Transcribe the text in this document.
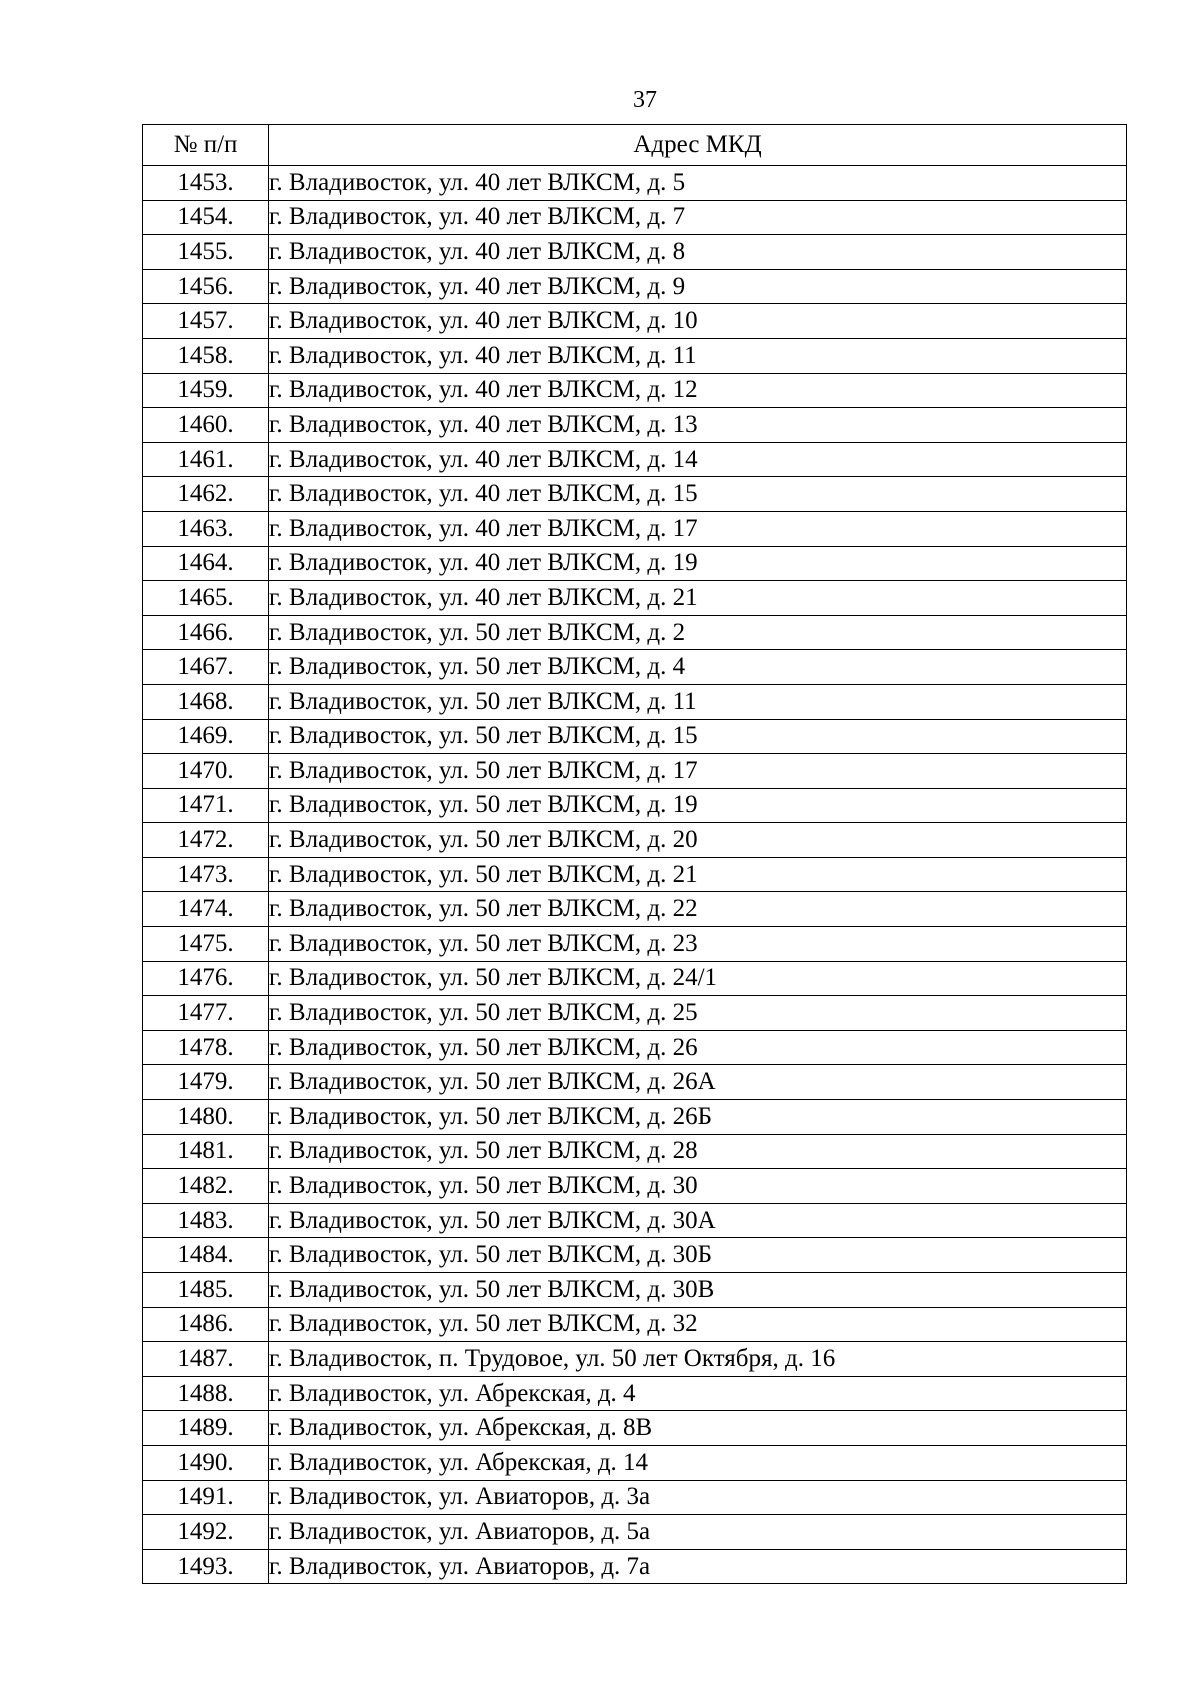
37
№ п/п	Адрес МКД
1453.	г. Владивосток, ул. 40 лет ВЛКСМ, д. 5
1454.	г. Владивосток, ул. 40 лет ВЛКСМ, д. 7
1455.	г. Владивосток, ул. 40 лет ВЛКСМ, д. 8
1456.	г. Владивосток, ул. 40 лет ВЛКСМ, д. 9
1457.	г. Владивосток, ул. 40 лет ВЛКСМ, д. 10
1458.	г. Владивосток, ул. 40 лет ВЛКСМ, д. 11
1459.	г. Владивосток, ул. 40 лет ВЛКСМ, д. 12
1460.	г. Владивосток, ул. 40 лет ВЛКСМ, д. 13
1461.	г. Владивосток, ул. 40 лет ВЛКСМ, д. 14
1462.	г. Владивосток, ул. 40 лет ВЛКСМ, д. 15
1463.	г. Владивосток, ул. 40 лет ВЛКСМ, д. 17
1464.	г. Владивосток, ул. 40 лет ВЛКСМ, д. 19
1465.	г. Владивосток, ул. 40 лет ВЛКСМ, д. 21
1466.	г. Владивосток, ул. 50 лет ВЛКСМ, д. 2
1467.	г. Владивосток, ул. 50 лет ВЛКСМ, д. 4
1468.	г. Владивосток, ул. 50 лет ВЛКСМ, д. 11
1469.	г. Владивосток, ул. 50 лет ВЛКСМ, д. 15
1470.	г. Владивосток, ул. 50 лет ВЛКСМ, д. 17
1471.	г. Владивосток, ул. 50 лет ВЛКСМ, д. 19
1472.	г. Владивосток, ул. 50 лет ВЛКСМ, д. 20
1473.	г. Владивосток, ул. 50 лет ВЛКСМ, д. 21
1474.	г. Владивосток, ул. 50 лет ВЛКСМ, д. 22
1475.	г. Владивосток, ул. 50 лет ВЛКСМ, д. 23
1476.	г. Владивосток, ул. 50 лет ВЛКСМ, д. 24/1
1477.	г. Владивосток, ул. 50 лет ВЛКСМ, д. 25
1478.	г. Владивосток, ул. 50 лет ВЛКСМ, д. 26
1479.	г. Владивосток, ул. 50 лет ВЛКСМ, д. 26А
1480.	г. Владивосток, ул. 50 лет ВЛКСМ, д. 26Б
1481.	г. Владивосток, ул. 50 лет ВЛКСМ, д. 28
1482.	г. Владивосток, ул. 50 лет ВЛКСМ, д. 30
1483.	г. Владивосток, ул. 50 лет ВЛКСМ, д. 30А
1484.	г. Владивосток, ул. 50 лет ВЛКСМ, д. 30Б
1485.	г. Владивосток, ул. 50 лет ВЛКСМ, д. 30В
1486.	г. Владивосток, ул. 50 лет ВЛКСМ, д. 32
1487.	г. Владивосток, п. Трудовое, ул. 50 лет Октября, д. 16
1488.	г. Владивосток, ул. Абрекская, д. 4
1489.	г. Владивосток, ул. Абрекская, д. 8В
1490.	г. Владивосток, ул. Абрекская, д. 14
1491.	г. Владивосток, ул. Авиаторов, д. 3а
1492.	г. Владивосток, ул. Авиаторов, д. 5а
1493.	г. Владивосток, ул. Авиаторов, д. 7а
